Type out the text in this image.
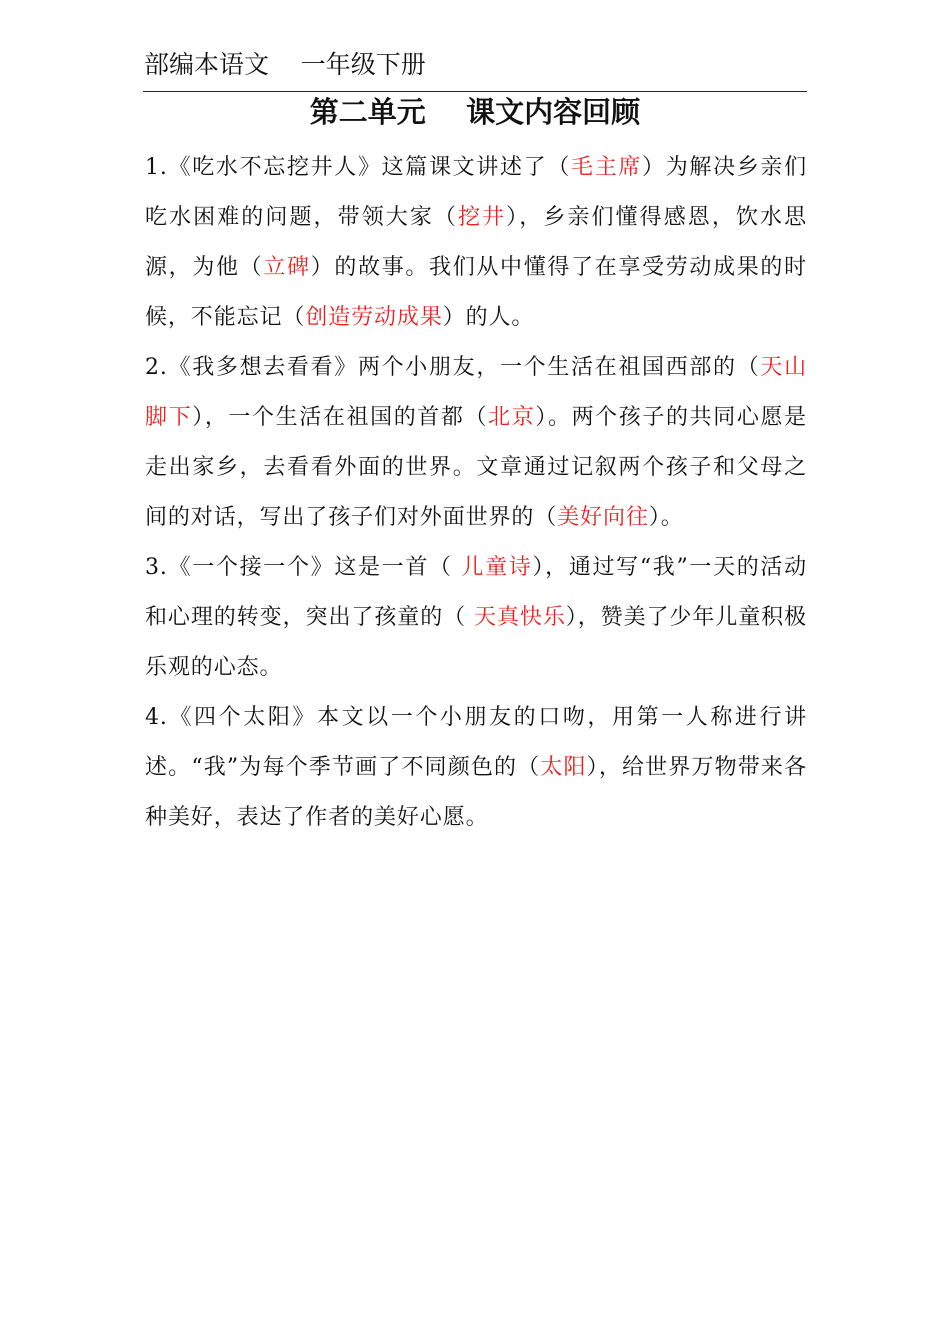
部编本语文    一年级下册
第二单元    课文内容回顾

1.《吃水不忘挖井人》这篇课文讲述了（毛主席）为解决乡亲们吃水困难的问题，带领大家（挖井），乡亲们懂得感恩，饮水思源，为他（立碑）的故事。我们从中懂得了在享受劳动成果的时候，不能忘记（创造劳动成果）的人。

2.《我多想去看看》两个小朋友，一个生活在祖国西部的（天山脚下），一个生活在祖国的首都（北京）。两个孩子的共同心愿是走出家乡，去看看外面的世界。文章通过记叙两个孩子和父母之间的对话，写出了孩子们对外面世界的（美好向往）。

3.《一个接一个》这是一首（ 儿童诗），通过写“我”一天的活动和心理的转变，突出了孩童的（ 天真快乐），赞美了少年儿童积极乐观的心态。

4.《四个太阳》本文以一个小朋友的口吻，用第一人称进行讲述。“我”为每个季节画了不同颜色的（太阳），给世界万物带来各种美好，表达了作者的美好心愿。
